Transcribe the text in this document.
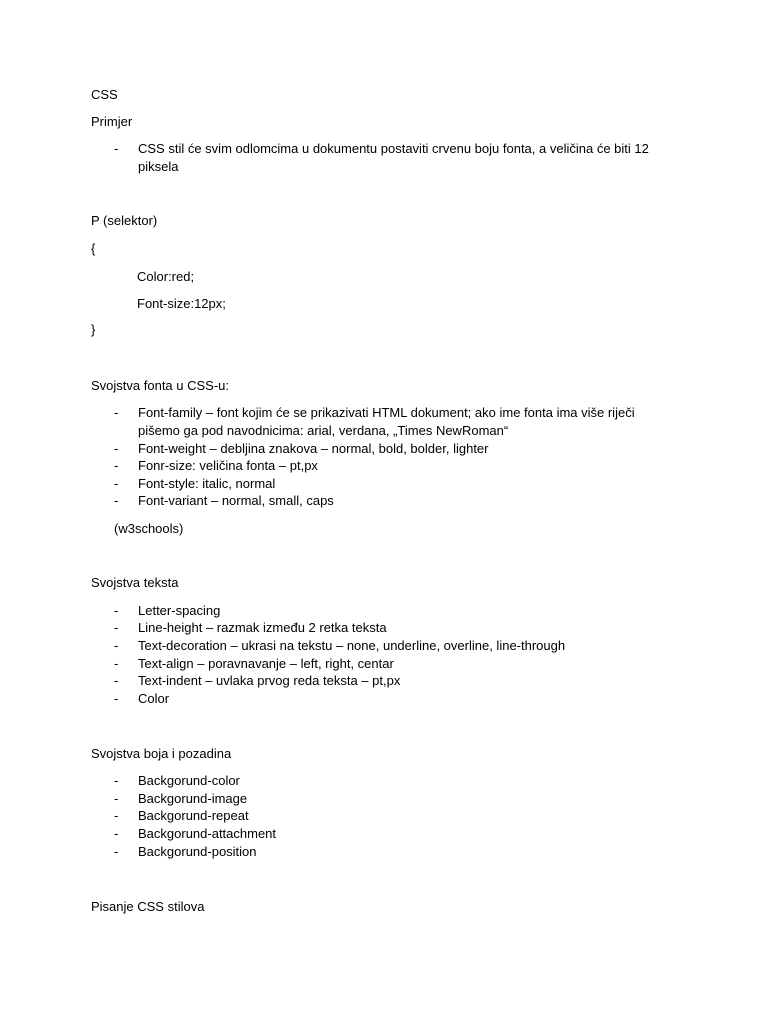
CSS
Primjer
- CSS stil će svim odlomcima u dokumentu postaviti crvenu boju fonta, a veličina će biti 12 piksela
P (selektor)
{
Color:red;
Font-size:12px;
}
Svojstva fonta u CSS-u:
- Font-family – font kojim će se prikazivati HTML dokument; ako ime fonta ima više riječi pišemo ga pod navodnicima: arial, verdana, „Times NewRoman“
- Font-weight – debljina znakova – normal, bold, bolder, lighter
- Fonr-size: veličina fonta – pt,px
- Font-style: italic, normal
- Font-variant – normal, small, caps
(w3schools)
Svojstva teksta
- Letter-spacing
- Line-height – razmak između 2 retka teksta
- Text-decoration – ukrasi na tekstu – none, underline, overline, line-through
- Text-align – poravnavanje – left, right, centar
- Text-indent – uvlaka prvog reda teksta – pt,px
- Color
Svojstva boja i pozadina
- Backgorund-color
- Backgorund-image
- Backgorund-repeat
- Backgorund-attachment
- Backgorund-position
Pisanje CSS stilova
